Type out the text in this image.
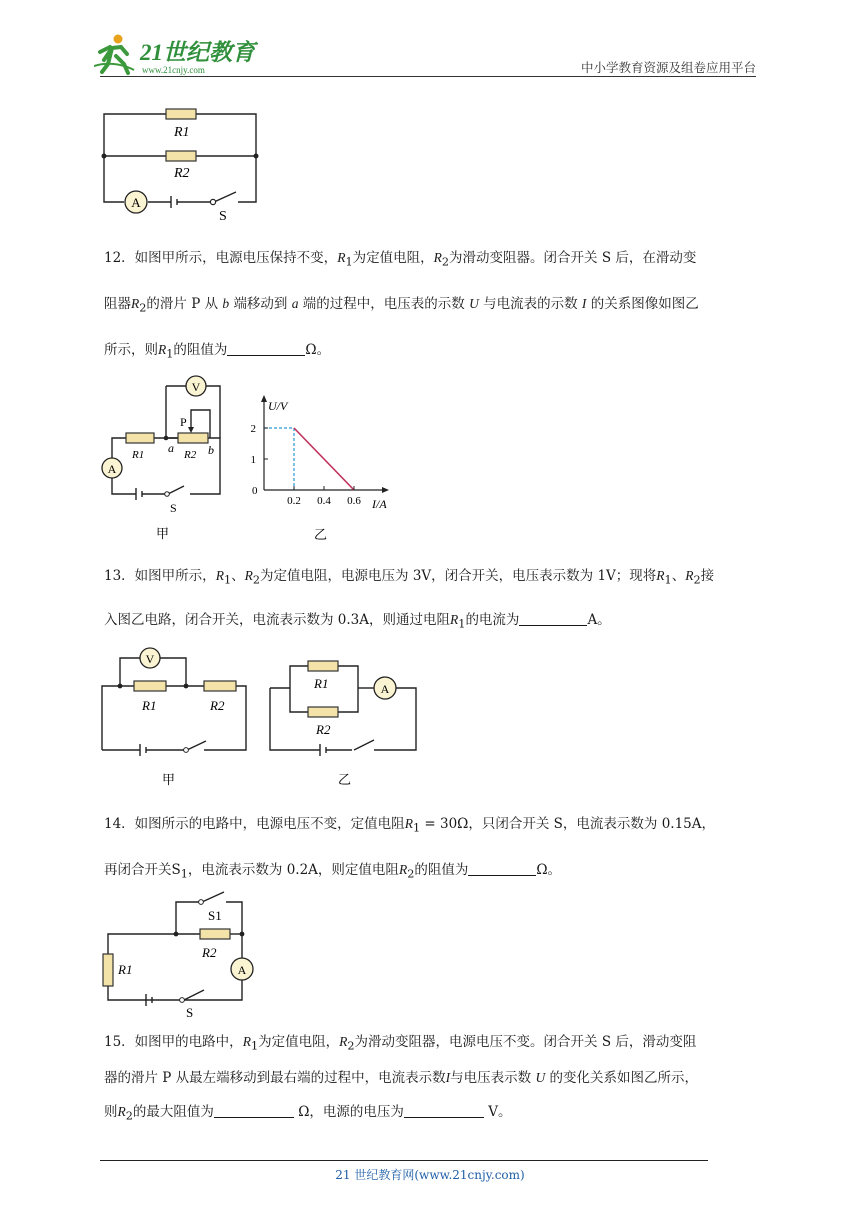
21世纪教育
www.21cnjy.com	中小学教育资源及组卷应用平台
A
R1
R2
S
12．如图甲所示，电源电压保持不变，$R_1$为定值电阻，$R_2$为滑动变阻器。闭合开关 S 后，在滑动变
阻器$R_2$的滑片 P 从 b 端移动到 a 端的过程中，电压表的示数 U 与电流表的示数 I 的关系图像如图乙
所示，则$R_1$的阻值为	Ω。
V
A
P
R1 a R2 b
S
甲
0.2 0.4 0.6
1
2
U/V
I/A
0
乙
13．如图甲所示，$R_1$、$R_2$为定值电阻，电源电压为 3V，闭合开关，电压表示数为 1V；现将$R_1$、$R_2$接
入图乙电路，闭合开关，电流表示数为 0.3A，则通过电阻$R_1$的电流为	A。
V
R1	R2
甲
A
R1
R2
乙
14．如图所示的电路中，电源电压不变，定值电阻$R_1 = 30\Omega$，只闭合开关 S，电流表示数为 0.15A，
再闭合开关$S_1$，电流表示数为 0.2A，则定值电阻$R_2$的阻值为	Ω。
A
S1
R1
R2
S
15．如图甲的电路中，$R_1$为定值电阻，$R_2$为滑动变阻器，电源电压不变。闭合开关 S 后，滑动变阻
器的滑片 P 从最左端移动到最右端的过程中，电流表示数I与电压表示数 U 的变化关系如图乙所示，
则$R_2$的最大阻值为	Ω，电源的电压为	V。
21 世纪教育网(www.21cnjy.com)
